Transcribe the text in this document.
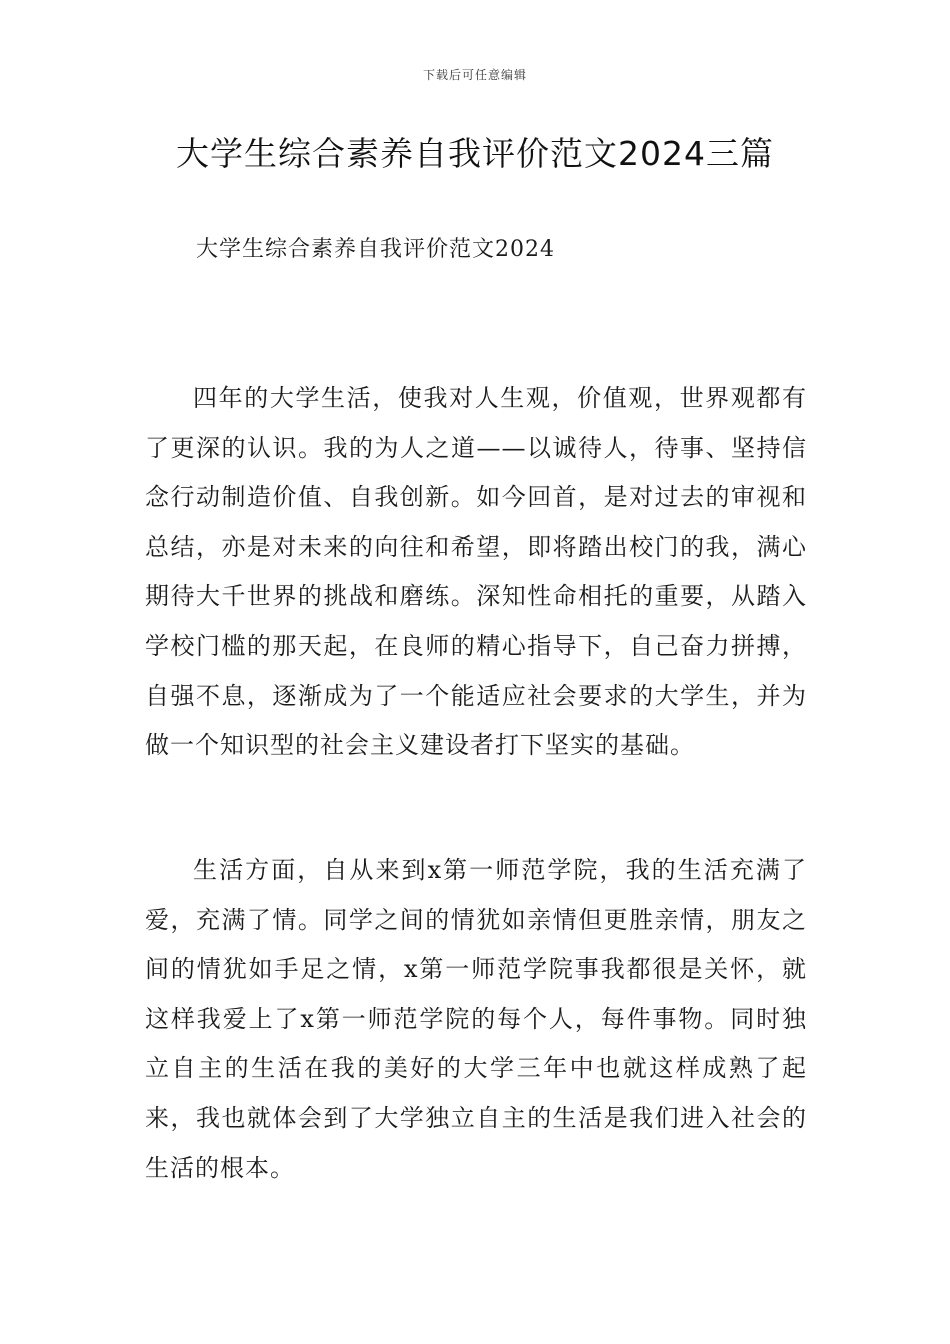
下载后可任意编辑
大学生综合素养自我评价范文2024三篇
大学生综合素养自我评价范文2024

四年的大学生活，使我对人生观，价值观，世界观都有了更深的认识。我的为人之道——以诚待人，待事、坚持信念行动制造价值、自我创新。如今回首，是对过去的审视和总结，亦是对未来的向往和希望，即将踏出校门的我，满心期待大千世界的挑战和磨练。深知性命相托的重要，从踏入学校门槛的那天起，在良师的精心指导下，自己奋力拼搏，自强不息，逐渐成为了一个能适应社会要求的大学生，并为做一个知识型的社会主义建设者打下坚实的基础。

生活方面，自从来到x第一师范学院，我的生活充满了爱，充满了情。同学之间的情犹如亲情但更胜亲情，朋友之间的情犹如手足之情，x第一师范学院事我都很是关怀，就这样我爱上了x第一师范学院的每个人，每件事物。同时独立自主的生活在我的美好的大学三年中也就这样成熟了起来，我也就体会到了大学独立自主的生活是我们进入社会的生活的根本。
